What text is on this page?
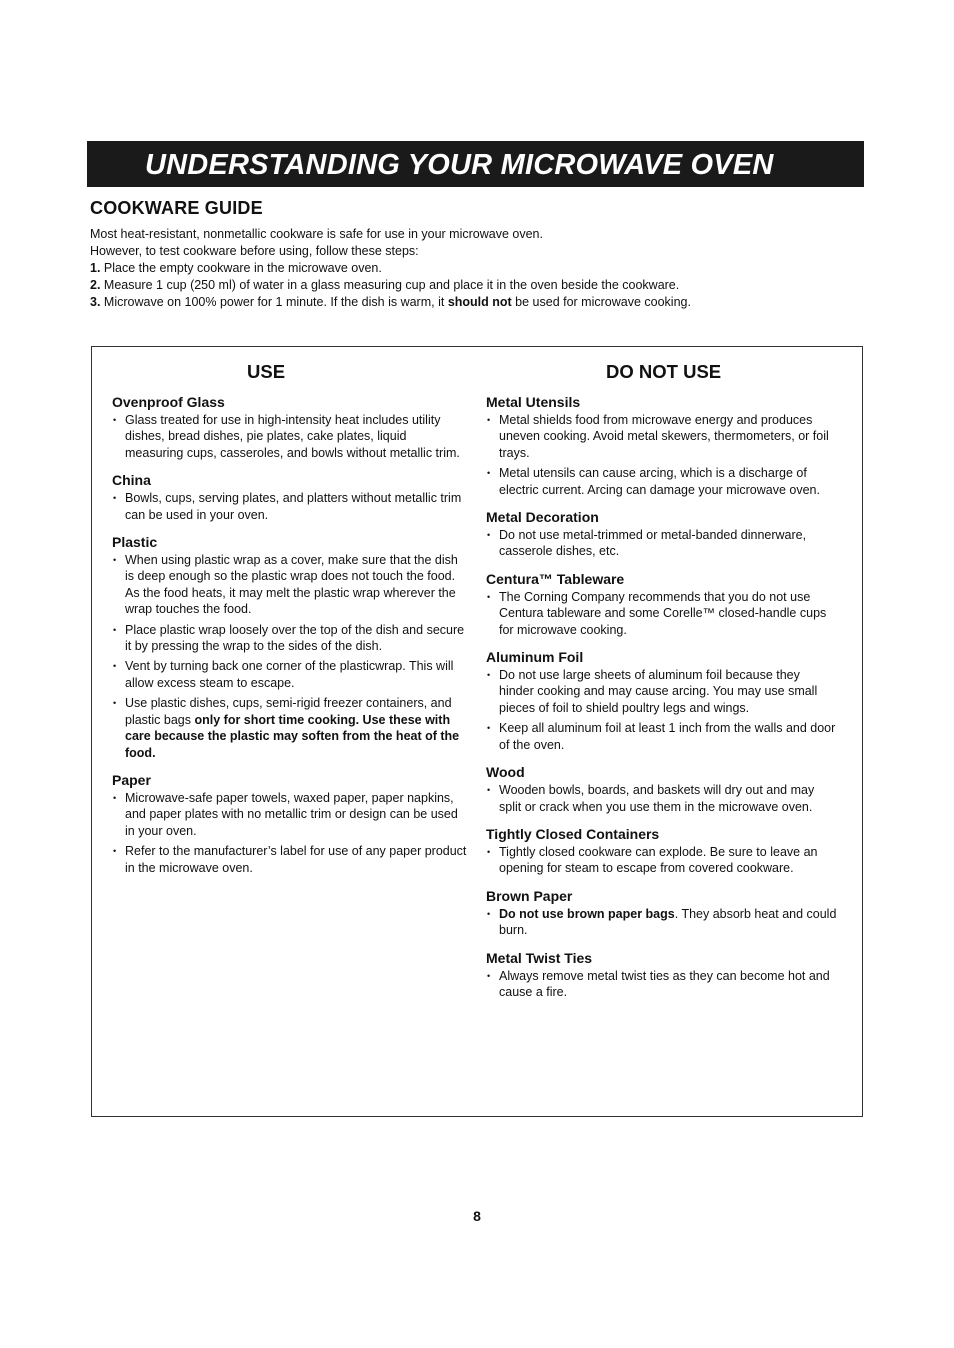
UNDERSTANDING YOUR MICROWAVE OVEN
COOKWARE GUIDE

Most heat-resistant, nonmetallic cookware is safe for use in your microwave oven.

However, to test cookware before using, follow these steps:

1. Place the empty cookware in the microwave oven.

2. Measure 1 cup (250 ml) of water in a glass measuring cup and place it in the oven beside the cookware.

3. Microwave on 100% power for 1 minute. If the dish is warm, it should not be used for microwave cooking.

USE
Ovenproof Glass
• Glass treated for use in high-intensity heat includes utility dishes, bread dishes, pie plates, cake plates, liquid measuring cups, casseroles, and bowls without metallic trim.
China
• Bowls, cups, serving plates, and platters without metallic trim can be used in your oven.
Plastic
• When using plastic wrap as a cover, make sure that the dish is deep enough so the plastic wrap does not touch the food. As the food heats, it may melt the plastic wrap wherever the wrap touches the food.
• Place plastic wrap loosely over the top of the dish and secure it by pressing the wrap to the sides of the dish.
• Vent by turning back one corner of the plasticwrap. This will allow excess steam to escape.
• Use plastic dishes, cups, semi-rigid freezer containers, and plastic bags only for short time cooking. Use these with care because the plastic may soften from the heat of the food.
Paper
• Microwave-safe paper towels, waxed paper, paper napkins, and paper plates with no metallic trim or design can be used in your oven.
• Refer to the manufacturer’s label for use of any paper product in the microwave oven.
DO NOT USE
Metal Utensils
• Metal shields food from microwave energy and produces uneven cooking. Avoid metal skewers, thermometers, or foil trays.
• Metal utensils can cause arcing, which is a discharge of electric current. Arcing can damage your microwave oven.
Metal Decoration
• Do not use metal-trimmed or metal-banded dinnerware, casserole dishes, etc.
Centura™ Tableware
• The Corning Company recommends that you do not use Centura tableware and some Corelle™ closed-handle cups for microwave cooking.
Aluminum Foil
• Do not use large sheets of aluminum foil because they hinder cooking and may cause arcing. You may use small pieces of foil to shield poultry legs and wings.
• Keep all aluminum foil at least 1 inch from the walls and door of the oven.
Wood
• Wooden bowls, boards, and baskets will dry out and may split or crack when you use them in the microwave oven.
Tightly Closed Containers
• Tightly closed cookware can explode. Be sure to leave an opening for steam to escape from covered cookware.
Brown Paper
• Do not use brown paper bags. They absorb heat and could burn.
Metal Twist Ties
• Always remove metal twist ties as they can become hot and cause a fire.
8
